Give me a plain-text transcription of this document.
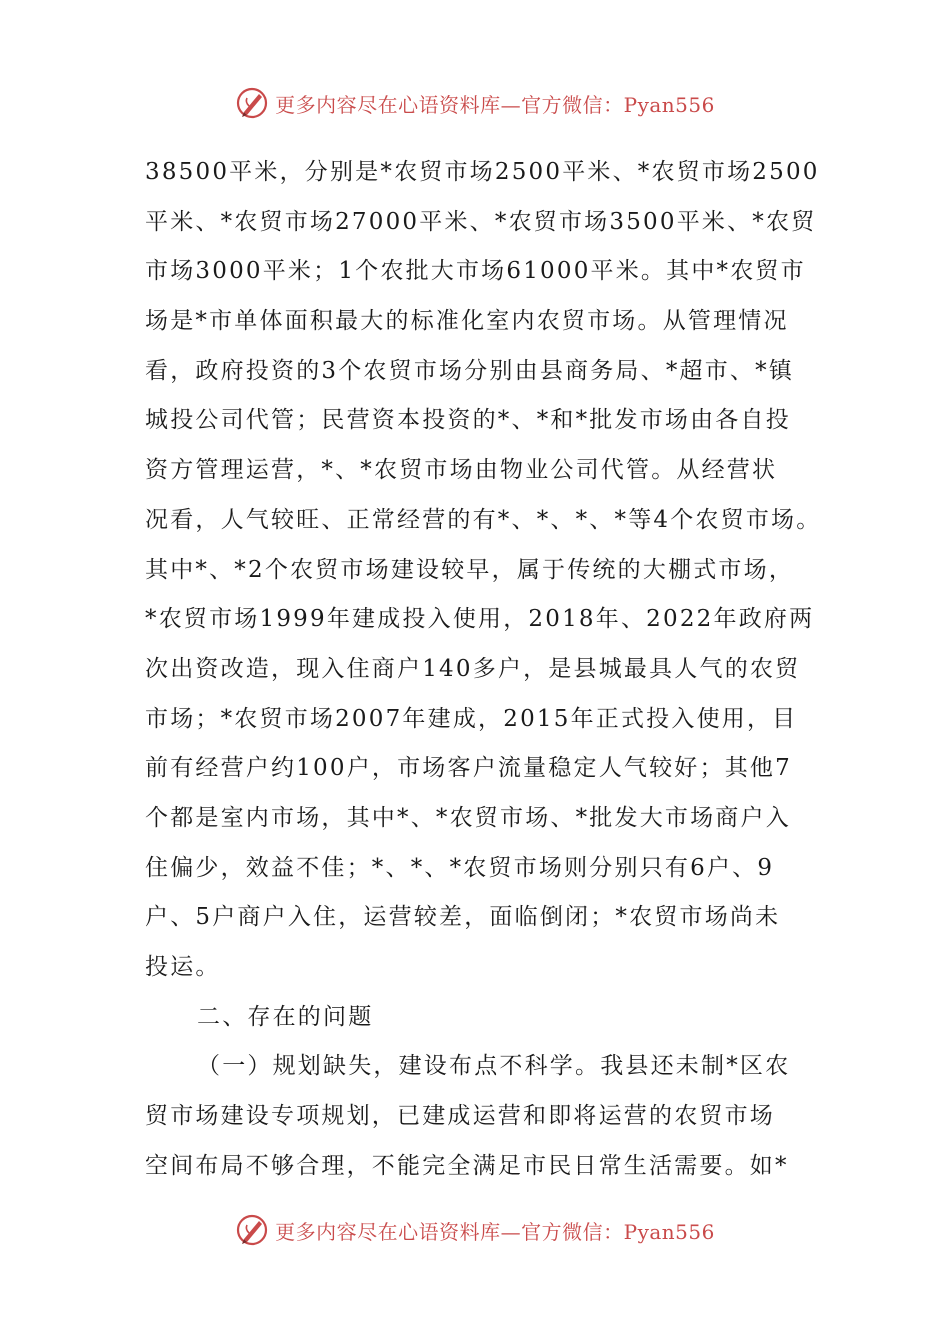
更多内容尽在心语资料库—官方微信：Pyan556
38500平米，分别是*农贸市场2500平米、*农贸市场2500
平米、*农贸市场27000平米、*农贸市场3500平米、*农贸
市场3000平米；1个农批大市场61000平米。其中*农贸市
场是*市单体面积最大的标准化室内农贸市场。从管理情况
看，政府投资的3个农贸市场分别由县商务局、*超市、*镇
城投公司代管；民营资本投资的*、*和*批发市场由各自投
资方管理运营，*、*农贸市场由物业公司代管。从经营状
况看，人气较旺、正常经营的有*、*、*、*等4个农贸市场。
其中*、*2个农贸市场建设较早，属于传统的大棚式市场，
*农贸市场1999年建成投入使用，2018年、2022年政府两
次出资改造，现入住商户140多户，是县城最具人气的农贸
市场；*农贸市场2007年建成，2015年正式投入使用，目
前有经营户约100户，市场客户流量稳定人气较好；其他7
个都是室内市场，其中*、*农贸市场、*批发大市场商户入
住偏少，效益不佳；*、*、*农贸市场则分别只有6户、9
户、5户商户入住，运营较差，面临倒闭；*农贸市场尚未
投运。
二、存在的问题
（一）规划缺失，建设布点不科学。我县还未制*区农
贸市场建设专项规划，已建成运营和即将运营的农贸市场
空间布局不够合理，不能完全满足市民日常生活需要。如*
更多内容尽在心语资料库—官方微信：Pyan556
